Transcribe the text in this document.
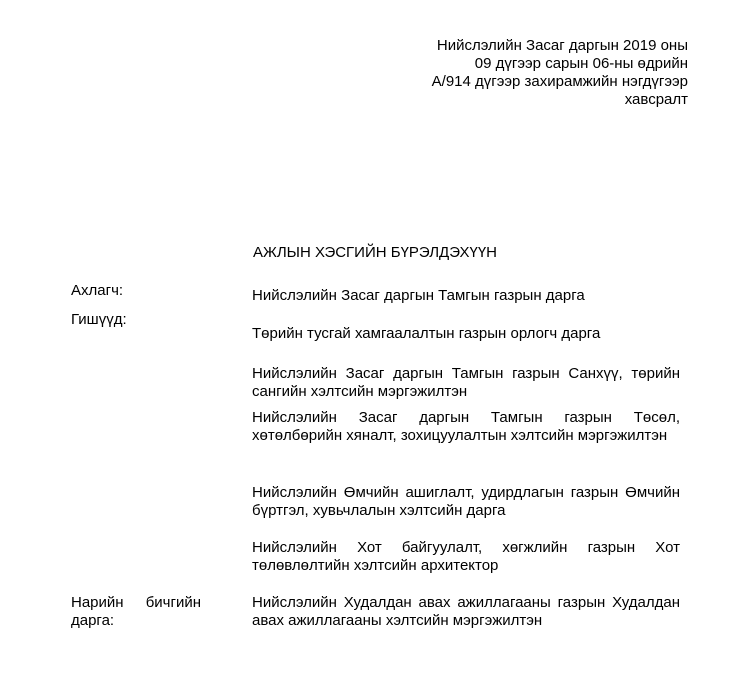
Нийслэлийн Засаг даргын 2019 оны
09 дүгээр сарын 06-ны өдрийн
А/914 дүгээр захирамжийн нэгдүгээр
хавсралт
АЖЛЫН ХЭСГИЙН БҮРЭЛДЭХҮҮН
Ахлагч:	Нийслэлийн Засаг даргын Тамгын газрын дарга
Гишүүд:
Төрийн тусгай хамгаалалтын газрын орлогч дарга
Нийслэлийн Засаг даргын Тамгын газрын Санхүү, төрийн сангийн хэлтсийн мэргэжилтэн
Нийслэлийн Засаг даргын Тамгын газрын Төсөл, хөтөлбөрийн хяналт, зохицуулалтын хэлтсийн мэргэжилтэн
Нийслэлийн Өмчийн ашиглалт, удирдлагын газрын Өмчийн бүртгэл, хувьчлалын хэлтсийн дарга
Нийслэлийн Хот байгуулалт, хөгжлийн газрын Хот төлөвлөлтийн хэлтсийн архитектор
Нарийн бичгийн
дарга:
Нийслэлийн Худалдан авах ажиллагааны газрын Худалдан авах ажиллагааны хэлтсийн мэргэжилтэн
